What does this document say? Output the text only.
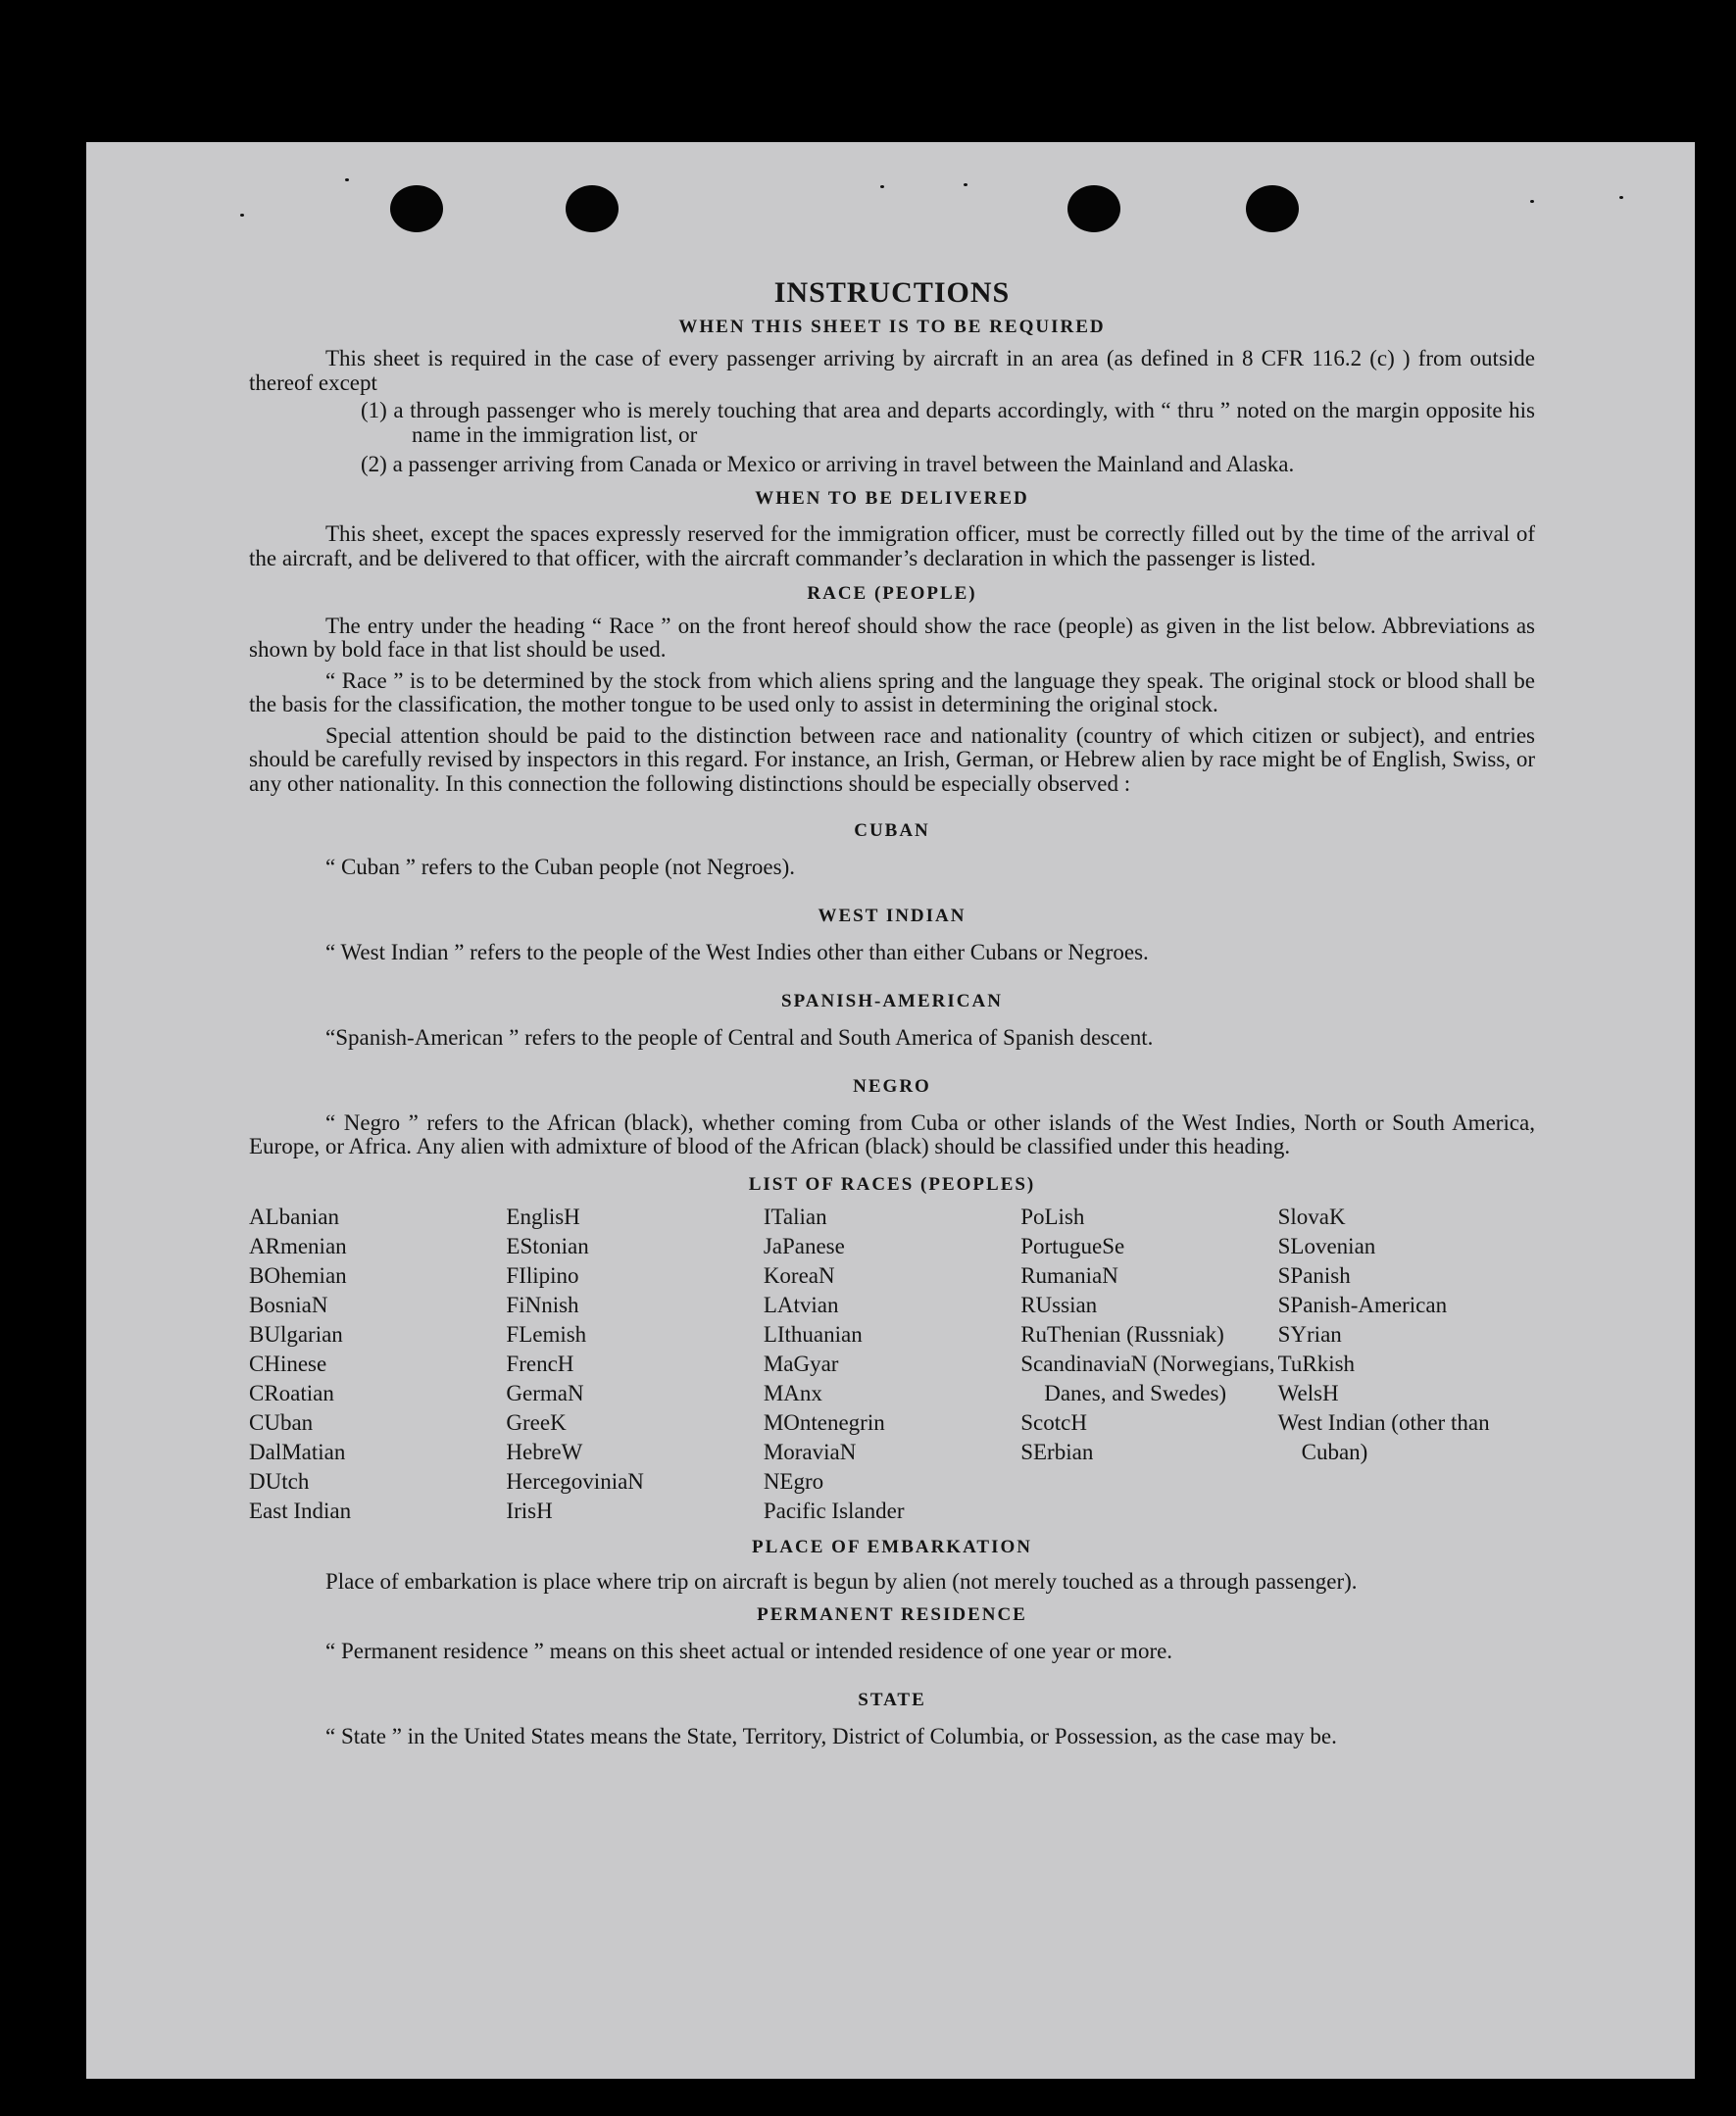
INSTRUCTIONS
WHEN THIS SHEET IS TO BE REQUIRED

This sheet is required in the case of every passenger arriving by aircraft in an area (as defined in 8 CFR 116.2 (c) ) from outside thereof except

(1) a through passenger who is merely touching that area and departs accordingly, with “ thru ” noted on the margin opposite his name in the immigration list, or

(2) a passenger arriving from Canada or Mexico or arriving in travel between the Mainland and Alaska.

WHEN TO BE DELIVERED

This sheet, except the spaces expressly reserved for the immigration officer, must be correctly filled out by the time of the arrival of the aircraft, and be delivered to that officer, with the aircraft commander’s declaration in which the passenger is listed.

RACE (PEOPLE)

The entry under the heading “ Race ” on the front hereof should show the race (people) as given in the list below. Abbreviations as shown by bold face in that list should be used.

“ Race ” is to be determined by the stock from which aliens spring and the language they speak. The original stock or blood shall be the basis for the classification, the mother tongue to be used only to assist in determining the original stock.

Special attention should be paid to the distinction between race and nationality (country of which citizen or subject), and entries should be carefully revised by inspectors in this regard. For instance, an Irish, German, or Hebrew alien by race might be of English, Swiss, or any other nationality. In this connection the following distinctions should be especially observed :

CUBAN

“ Cuban ” refers to the Cuban people (not Negroes).

WEST INDIAN

“ West Indian ” refers to the people of the West Indies other than either Cubans or Negroes.

SPANISH-AMERICAN

“Spanish-American ” refers to the people of Central and South America of Spanish descent.

NEGRO

“ Negro ” refers to the African (black), whether coming from Cuba or other islands of the West Indies, North or South America, Europe, or Africa. Any alien with admixture of blood of the African (black) should be classified under this heading.

LIST OF RACES (PEOPLES)
ALbanian
ARmenian
BOhemian
BosniaN
BUlgarian
CHinese
CRoatian
CUban
DalMatian
DUtch
East Indian
EnglisH
EStonian
FIlipino
FiNnish
FLemish
FrencH
GermaN
GreeK
HebreW
HercegoviniaN
IrisH
ITalian
JaPanese
KoreaN
LAtvian
LIthuanian
MaGyar
MAnx
MOntenegrin
MoraviaN
NEgro
Pacific Islander
PoLish
PortugueSe
RumaniaN
RUssian
RuThenian (Russniak)
ScandinaviaN (Norwegians, Danes, and Swedes)
ScotcH
SErbian
SlovaK
SLovenian
SPanish
SPanish-American
SYrian
TuRkish
WelsH
West Indian (other than Cuban)
PLACE OF EMBARKATION

Place of embarkation is place where trip on aircraft is begun by alien (not merely touched as a through passenger).

PERMANENT RESIDENCE

“ Permanent residence ” means on this sheet actual or intended residence of one year or more.

STATE

“ State ” in the United States means the State, Territory, District of Columbia, or Possession, as the case may be.
